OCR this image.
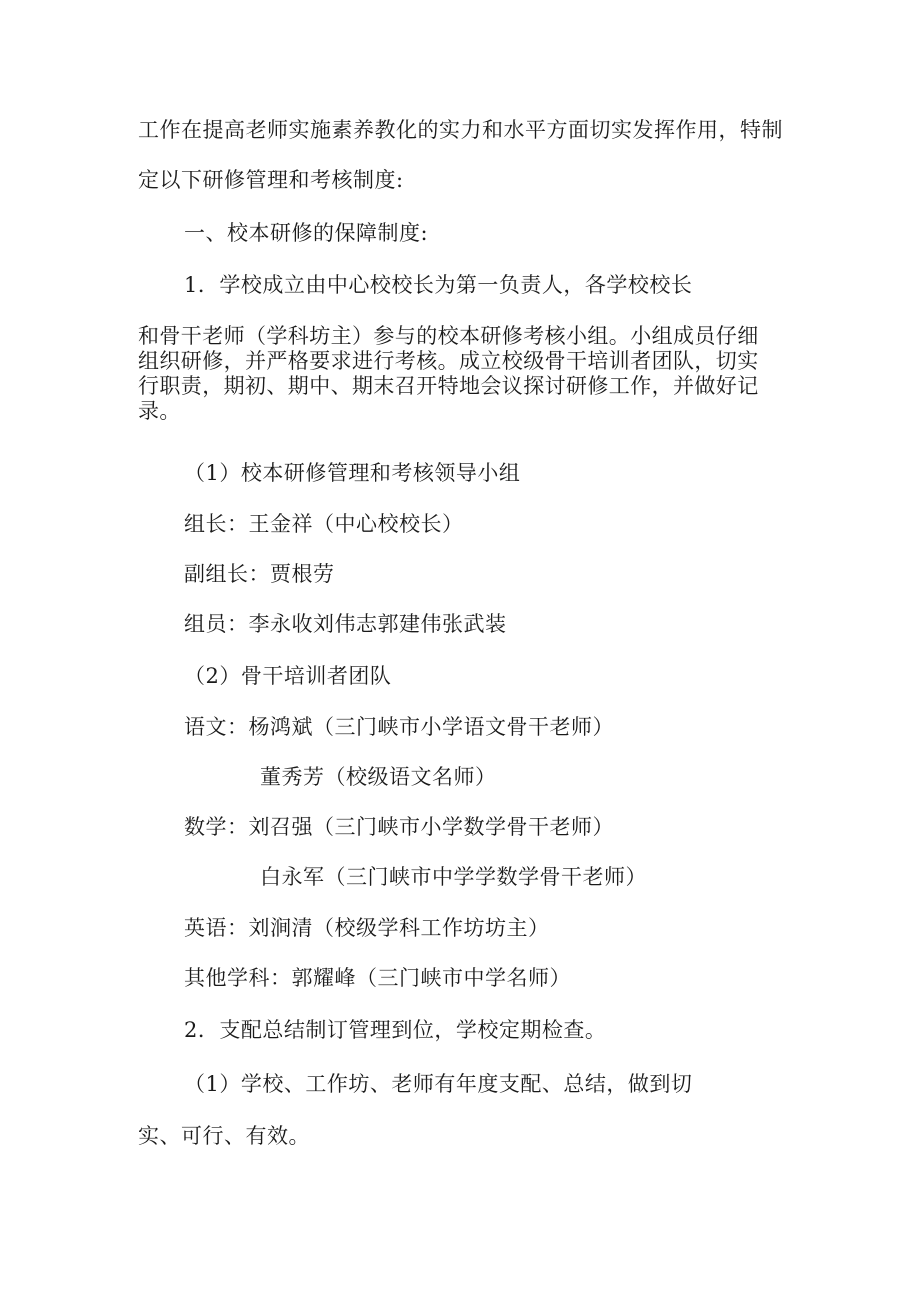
工作在提高老师实施素养教化的实力和水平方面切实发挥作用，特制
定以下研修管理和考核制度:
一、校本研修的保障制度:
1．学校成立由中心校校长为第一负责人，各学校校长
和骨干老师（学科坊主）参与的校本研修考核小组。小组成员仔细
组织研修，并严格要求进行考核。成立校级骨干培训者团队，切实
行职责，期初、期中、期末召开特地会议探讨研修工作，并做好记
录。
（1）校本研修管理和考核领导小组
组长：王金祥（中心校校长）
副组长：贾根劳
组员：李永收刘伟志郭建伟张武装
（2）骨干培训者团队
语文：杨鸿斌（三门峡市小学语文骨干老师）
董秀芳（校级语文名师）
数学：刘召强（三门峡市小学数学骨干老师）
白永军（三门峡市中学学数学骨干老师）
英语：刘涧清（校级学科工作坊坊主）
其他学科：郭耀峰（三门峡市中学名师）
2．支配总结制订管理到位，学校定期检查。
（1）学校、工作坊、老师有年度支配、总结，做到切
实、可行、有效。
